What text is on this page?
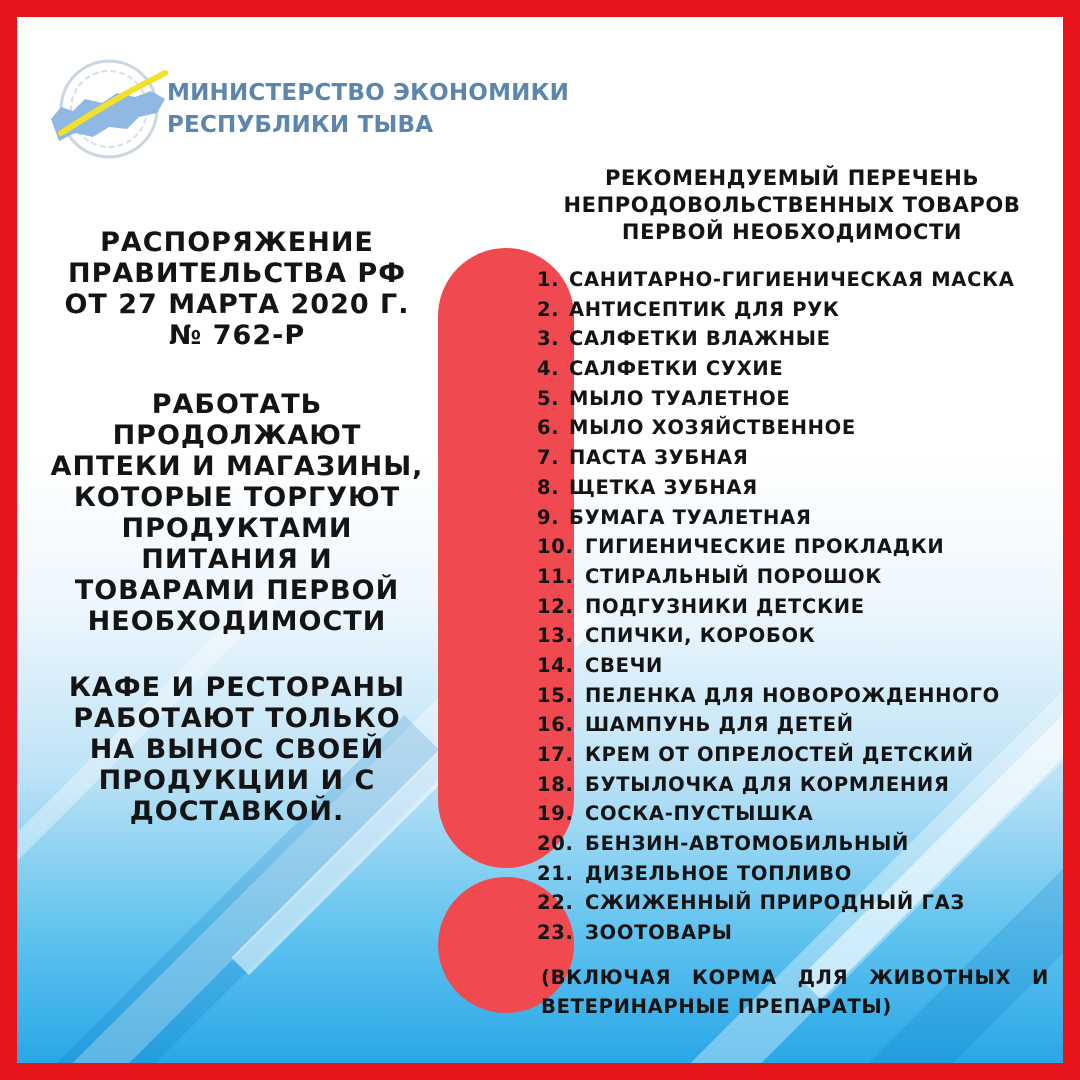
МИНИСТЕРСТВО ЭКОНОМИКИ
РЕСПУБЛИКИ ТЫВА
РАСПОРЯЖЕНИЕ ПРАВИТЕЛЬСТВА РФ ОТ 27 МАРТА 2020 Г. № 762-Р
РАБОТАТЬ ПРОДОЛЖАЮТ АПТЕКИ И МАГАЗИНЫ, КОТОРЫЕ ТОРГУЮТ ПРОДУКТАМИ ПИТАНИЯ И ТОВАРАМИ ПЕРВОЙ НЕОБХОДИМОСТИ
КАФЕ И РЕСТОРАНЫ РАБОТАЮТ ТОЛЬКО НА ВЫНОС СВОЕЙ ПРОДУКЦИИ И С ДОСТАВКОЙ.
РЕКОМЕНДУЕМЫЙ ПЕРЕЧЕНЬ
НЕПРОДОВОЛЬСТВЕННЫХ ТОВАРОВ
ПЕРВОЙ НЕОБХОДИМОСТИ
1. САНИТАРНО-ГИГИЕНИЧЕСКАЯ МАСКА
2. АНТИСЕПТИК ДЛЯ РУК
3. САЛФЕТКИ ВЛАЖНЫЕ
4. САЛФЕТКИ СУХИЕ
5. МЫЛО ТУАЛЕТНОЕ
6. МЫЛО ХОЗЯЙСТВЕННОЕ
7. ПАСТА ЗУБНАЯ
8. ЩЕТКА ЗУБНАЯ
9. БУМАГА ТУАЛЕТНАЯ
10. ГИГИЕНИЧЕСКИЕ ПРОКЛАДКИ
11. СТИРАЛЬНЫЙ ПОРОШОК
12. ПОДГУЗНИКИ ДЕТСКИЕ
13. СПИЧКИ, КОРОБОК
14. СВЕЧИ
15. ПЕЛЕНКА ДЛЯ НОВОРОЖДЕННОГО
16. ШАМПУНЬ ДЛЯ ДЕТЕЙ
17. КРЕМ ОТ ОПРЕЛОСТЕЙ ДЕТСКИЙ
18. БУТЫЛОЧКА ДЛЯ КОРМЛЕНИЯ
19. СОСКА-ПУСТЫШКА
20. БЕНЗИН-АВТОМОБИЛЬНЫЙ
21. ДИЗЕЛЬНОЕ ТОПЛИВО
22. СЖИЖЕННЫЙ ПРИРОДНЫЙ ГАЗ
23. ЗООТОВАРЫ
(ВКЛЮЧАЯ КОРМА ДЛЯ ЖИВОТНЫХ И ВЕТЕРИНАРНЫЕ ПРЕПАРАТЫ)
